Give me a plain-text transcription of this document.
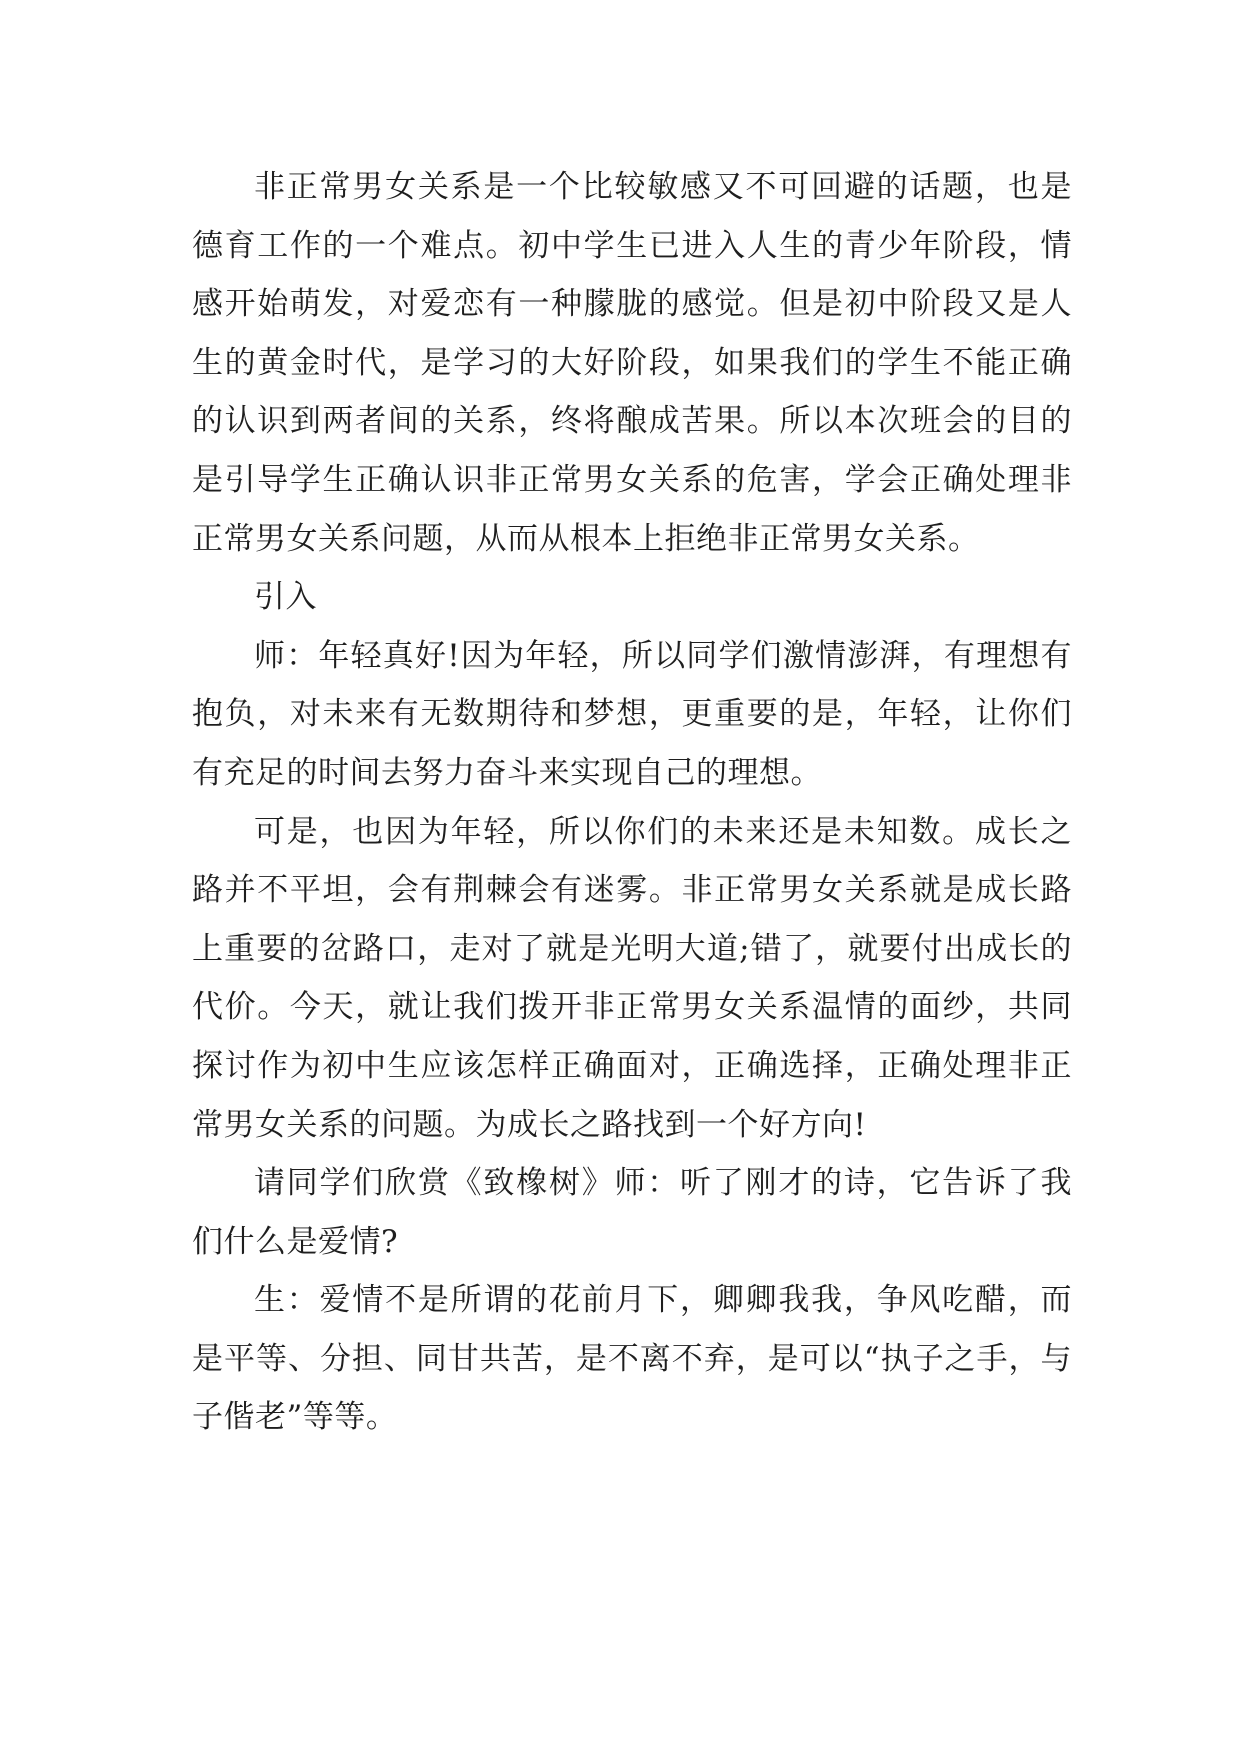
非正常男女关系是一个比较敏感又不可回避的话题，也是德育工作的一个难点。初中学生已进入人生的青少年阶段，情感开始萌发，对爱恋有一种朦胧的感觉。但是初中阶段又是人生的黄金时代，是学习的大好阶段，如果我们的学生不能正确的认识到两者间的关系，终将酿成苦果。所以本次班会的目的是引导学生正确认识非正常男女关系的危害，学会正确处理非正常男女关系问题，从而从根本上拒绝非正常男女关系。

引入

师：年轻真好!因为年轻，所以同学们激情澎湃，有理想有抱负，对未来有无数期待和梦想，更重要的是，年轻，让你们有充足的时间去努力奋斗来实现自己的理想。

可是，也因为年轻，所以你们的未来还是未知数。成长之路并不平坦，会有荆棘会有迷雾。非正常男女关系就是成长路上重要的岔路口，走对了就是光明大道;错了，就要付出成长的代价。今天，就让我们拨开非正常男女关系温情的面纱，共同探讨作为初中生应该怎样正确面对，正确选择，正确处理非正常男女关系的问题。为成长之路找到一个好方向!

请同学们欣赏《致橡树》师：听了刚才的诗，它告诉了我们什么是爱情?

生：爱情不是所谓的花前月下，卿卿我我，争风吃醋，而是平等、分担、同甘共苦，是不离不弃，是可以“执子之手，与子偕老”等等。
